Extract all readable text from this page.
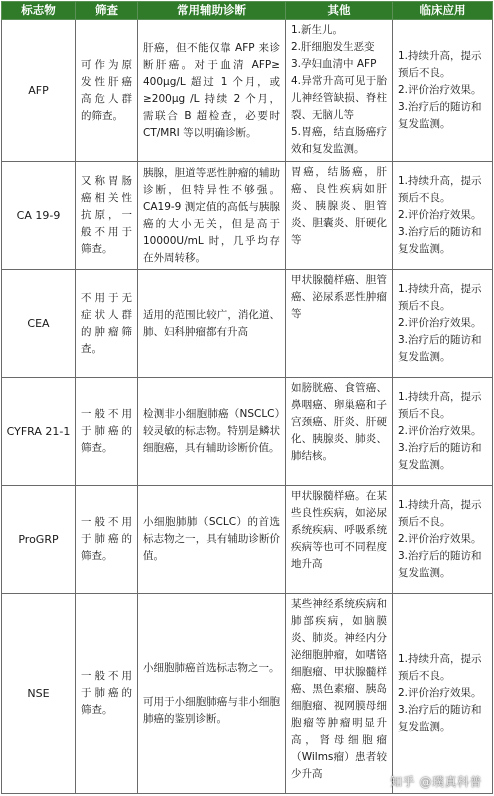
标志物	筛查	常用辅助诊断	其他	临床应用
AFP	可作为原发性肝癌高危人群的筛查。	肝癌，但不能仅靠 AFP 来诊断肝癌。对于血清 AFP≥ 400μg/L 超过 1 个月，或≥200μg /L 持续 2 个月， 需联合 B 超检查，必要时 CT/MRI 等以明确诊断。	1.新生儿。
2.肝细胞发生恶变
3.孕妇血清中 AFP
4.异常升高可见于胎儿神经管缺损、脊柱裂、无脑儿等
5.胃癌，结直肠癌疗效和复发监测。	1.持续升高，提示预后不良。
2.评价治疗效果。
3.治疗后的随访和复发监测。

CA 19-9	又称胃肠癌相关性抗原，一般不用于筛查。	胰腺，胆道等恶性肿瘤的辅助诊断，但特异性不够强。CA19-9 测定值的高低与胰腺癌的大小无关，但是高于 10000U/mL 时，几乎均存在外周转移。	胃癌，结肠癌，肝癌、良性疾病如肝炎、胰腺炎、胆管炎、胆囊炎、肝硬化等	1.持续升高，提示预后不良。
2.评价治疗效果。
3.治疗后的随访和复发监测。

CEA	不用于无症状人群的肿瘤筛查。	适用的范围比较广，消化道、肺、妇科肿瘤都有升高	甲状腺髓样癌、胆管癌、泌尿系恶性肿瘤等	1.持续升高，提示预后不良。
2.评价治疗效果。
3.治疗后的随访和复发监测。

CYFRA 21-1	一般不用于肺癌的筛查。	检测非小细胞肺癌（NSCLC）较灵敏的标志物。特别是鳞状细胞癌，具有辅助诊断价值。	如膀胱癌、食管癌、鼻咽癌、卵巢癌和子宫颈癌、肝炎、肝硬化、胰腺炎、肺炎、肺结核。	1.持续升高，提示预后不良。
2.评价治疗效果。
3.治疗后的随访和复发监测。

ProGRP	一般不用于肺癌的筛查。	小细胞肺肺（SCLC）的首选标志物之一，具有辅助诊断价值。	甲状腺髓样癌。在某些良性疾病，如泌尿系统疾病、呼吸系统疾病等也可不同程度地升高	1.持续升高，提示预后不良。
2.评价治疗效果。
3.治疗后的随访和复发监测。

NSE	一般不用于肺癌的筛查。	小细胞肺癌首选标志物之一。
可用于小细胞肺癌与非小细胞肺癌的鉴别诊断。	某些神经系统疾病和肺部疾病，如脑膜炎、肺炎。神经内分泌细胞肿瘤，如嗜铬细胞瘤、甲状腺髓样癌、黑色素瘤、胰岛细胞瘤、视网膜母细胞瘤等肿瘤明显升高，肾母细胞瘤（Wilms瘤）患者较少升高	1.持续升高，提示预后不良。
2.评价治疗效果。
3.治疗后的随访和复发监测。
知乎 @璞真科普
